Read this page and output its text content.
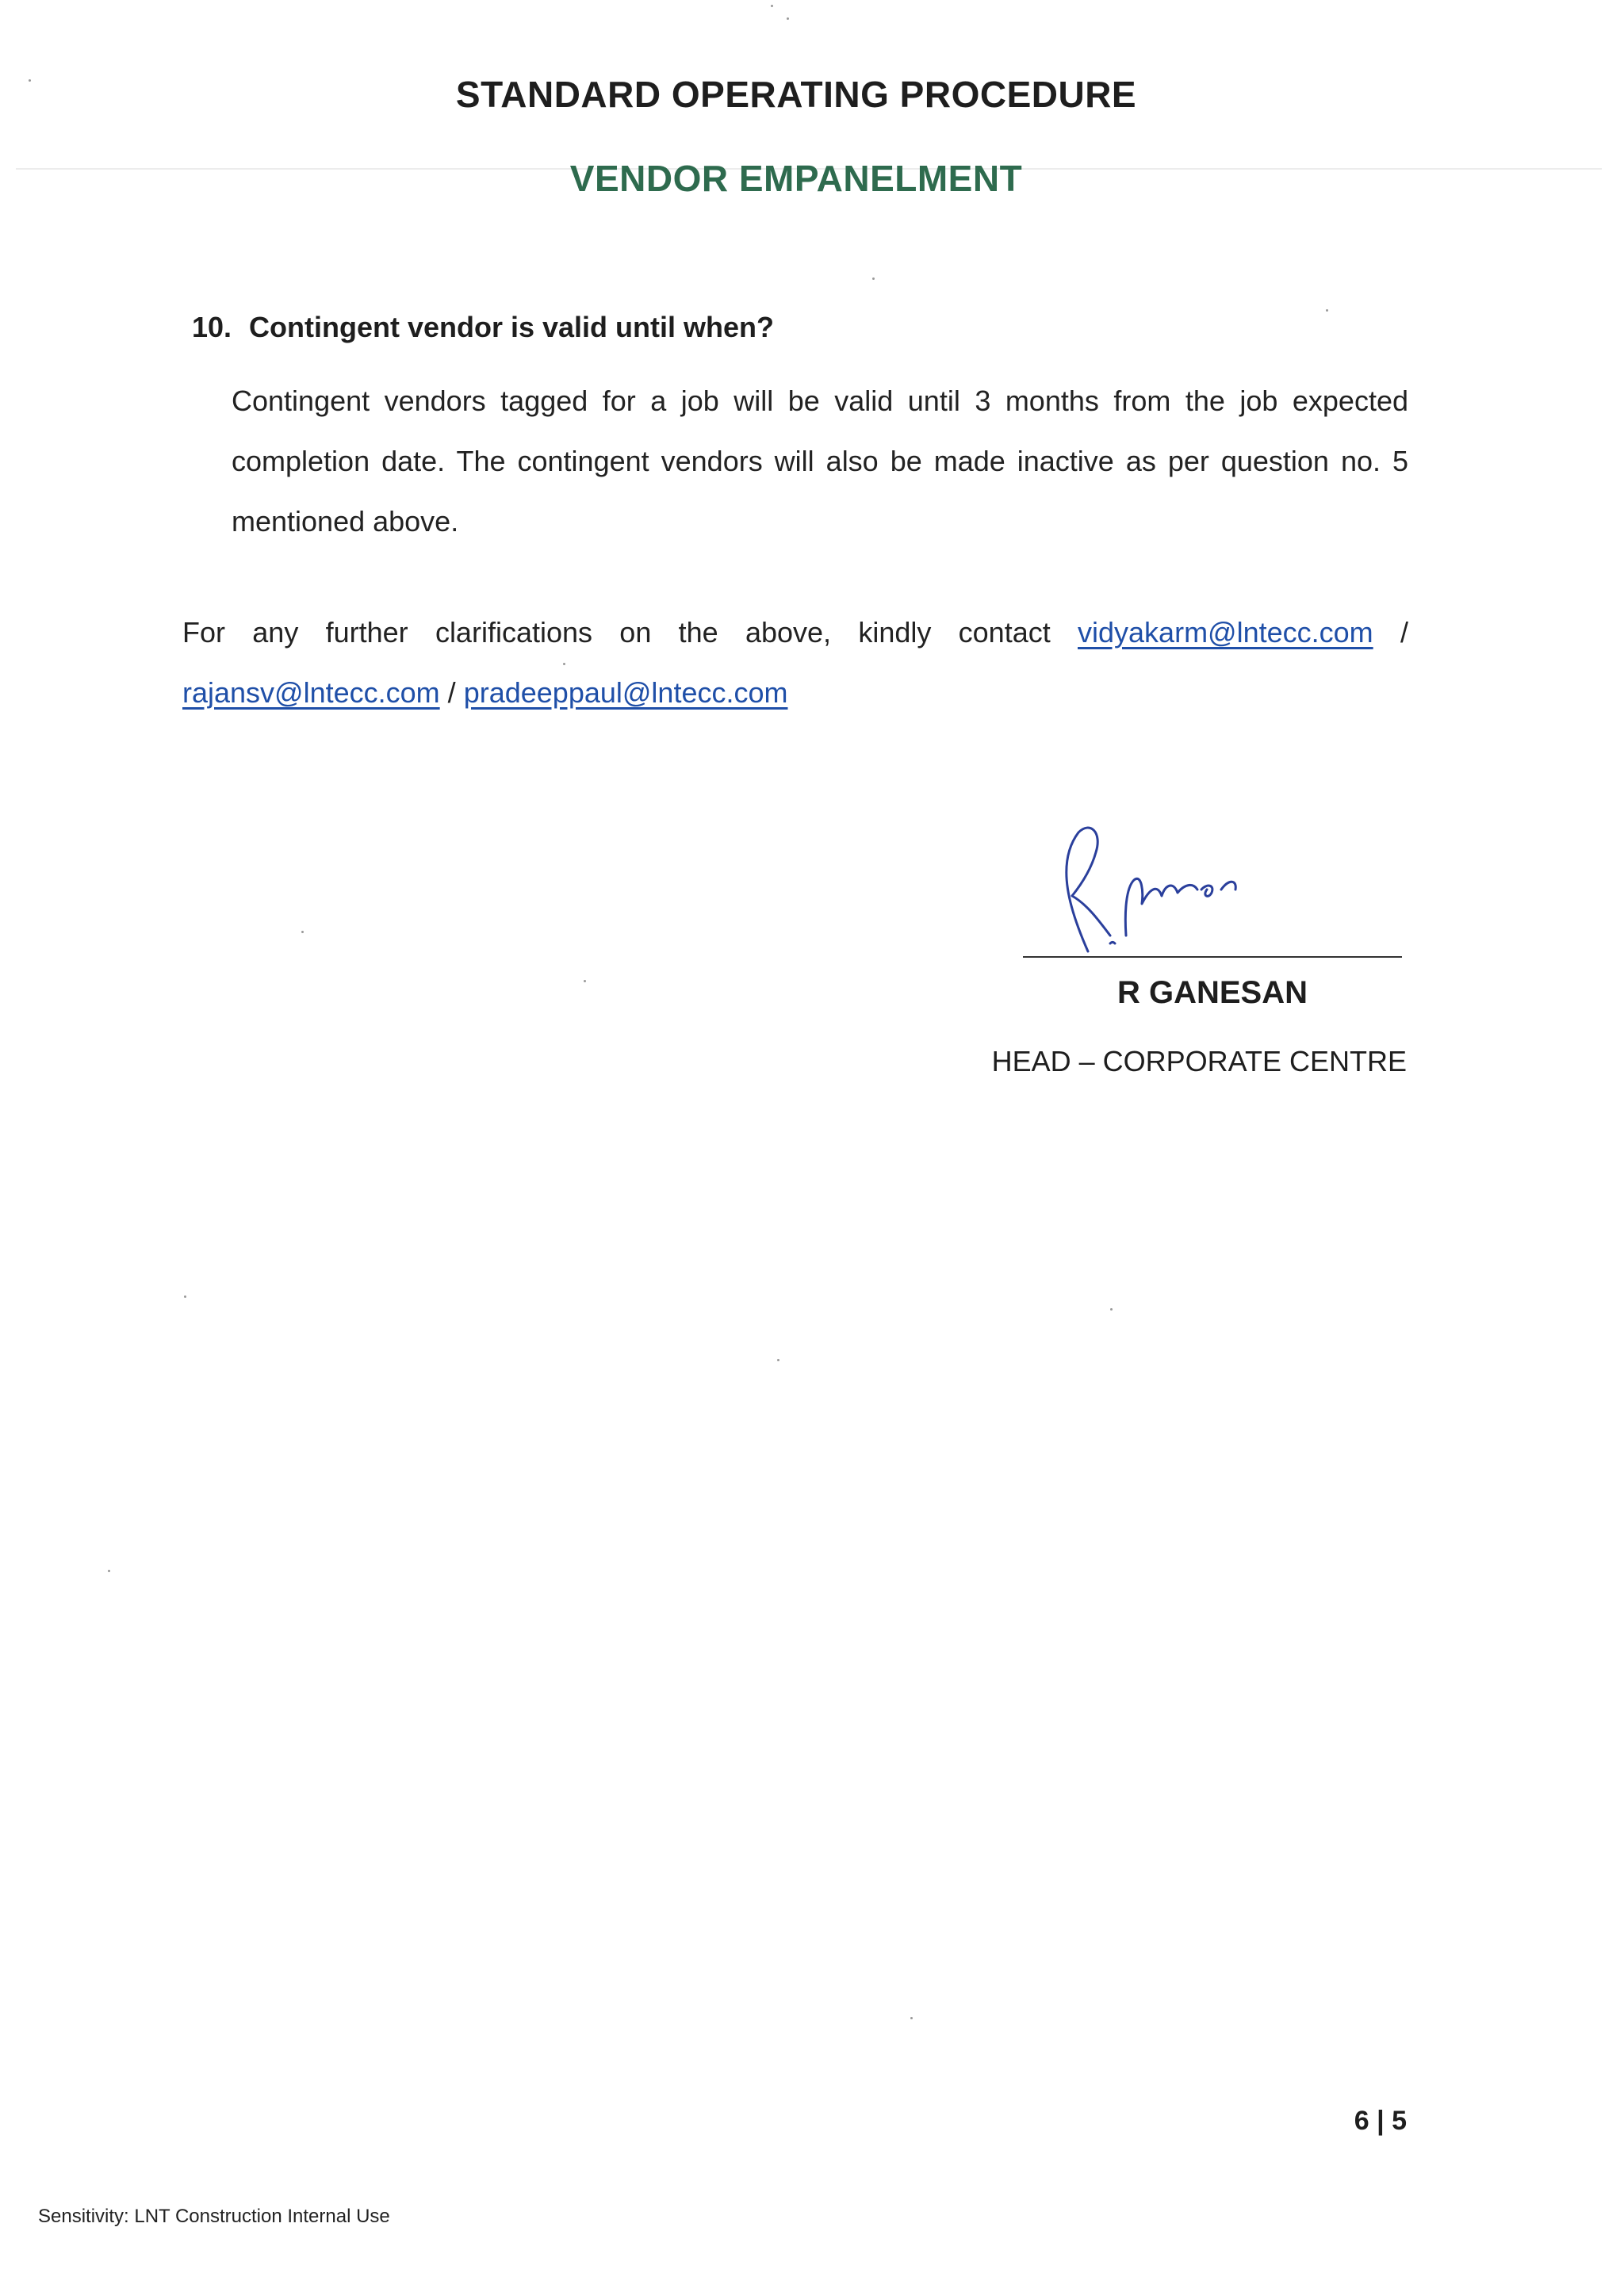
STANDARD OPERATING PROCEDURE
VENDOR EMPANELMENT
10. Contingent vendor is valid until when?
Contingent vendors tagged for a job will be valid until 3 months from the job expected completion date. The contingent vendors will also be made inactive as per question no. 5 mentioned above.
For any further clarifications on the above, kindly contact vidyakarm@lntecc.com /
rajansv@lntecc.com / pradeeppaul@lntecc.com
R GANESAN
HEAD – CORPORATE CENTRE
6 | 5
Sensitivity: LNT Construction Internal Use
